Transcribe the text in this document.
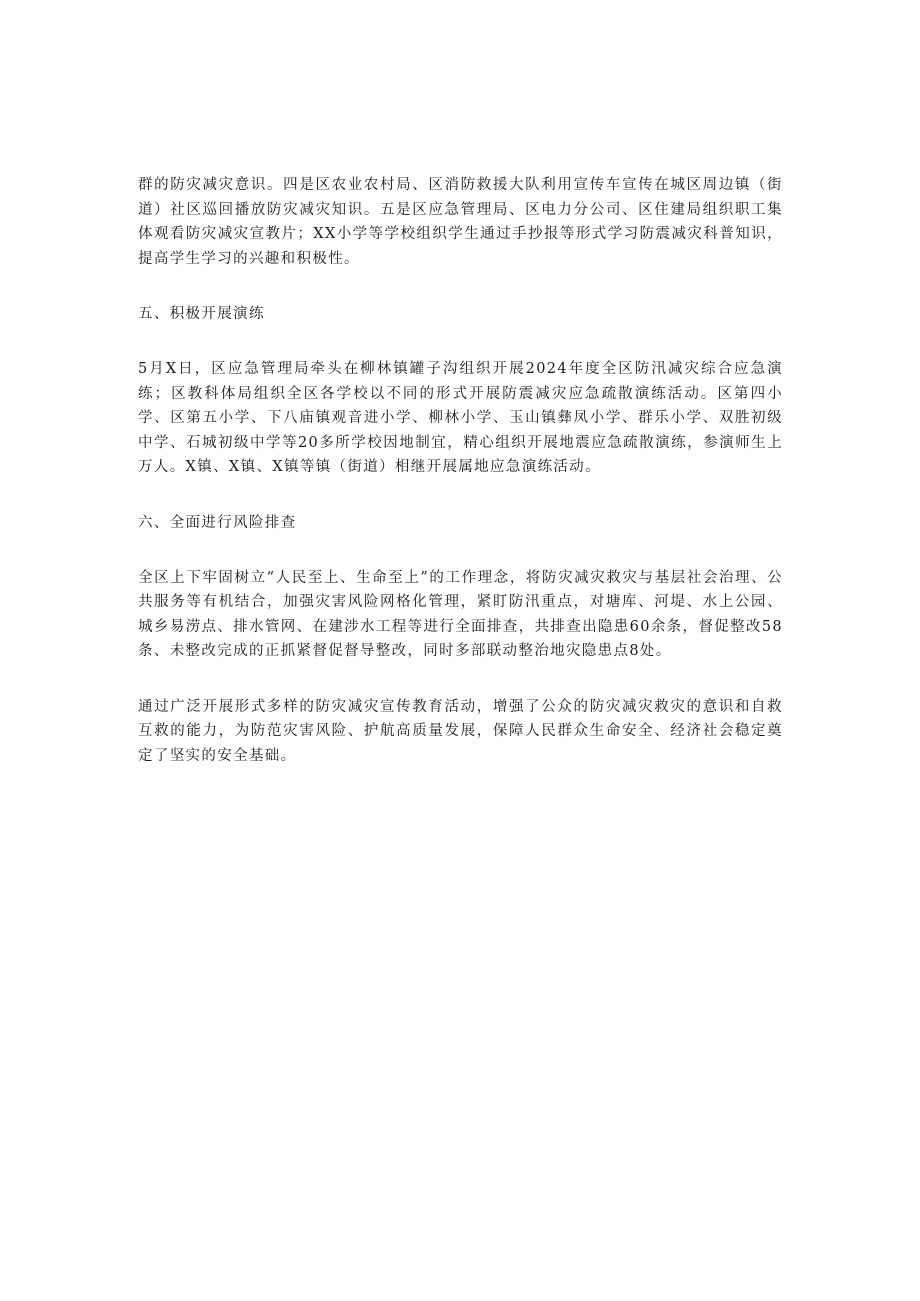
群的防灾减灾意识。四是区农业农村局、区消防救援大队利用宣传车宣传在城区周边镇（街道）社区巡回播放防灾减灾知识。五是区应急管理局、区电力分公司、区住建局组织职工集体观看防灾减灾宣教片；XX小学等学校组织学生通过手抄报等形式学习防震减灾科普知识，提高学生学习的兴趣和积极性。

五、积极开展演练

5月X日，区应急管理局牵头在柳林镇罐子沟组织开展2024年度全区防汛减灾综合应急演练；区教科体局组织全区各学校以不同的形式开展防震减灾应急疏散演练活动。区第四小学、区第五小学、下八庙镇观音进小学、柳林小学、玉山镇彝凤小学、群乐小学、双胜初级中学、石城初级中学等20多所学校因地制宜，精心组织开展地震应急疏散演练，参演师生上万人。X镇、X镇、X镇等镇（街道）相继开展属地应急演练活动。

六、全面进行风险排查

全区上下牢固树立“人民至上、生命至上”的工作理念，将防灾减灾救灾与基层社会治理、公共服务等有机结合，加强灾害风险网格化管理，紧盯防汛重点，对塘库、河堤、水上公园、城乡易涝点、排水管网、在建涉水工程等进行全面排查，共排查出隐患60余条，督促整改58条、未整改完成的正抓紧督促督导整改，同时多部联动整治地灾隐患点8处。

通过广泛开展形式多样的防灾减灾宣传教育活动，增强了公众的防灾减灾救灾的意识和自救互救的能力，为防范灾害风险、护航高质量发展，保障人民群众生命安全、经济社会稳定奠定了坚实的安全基础。
